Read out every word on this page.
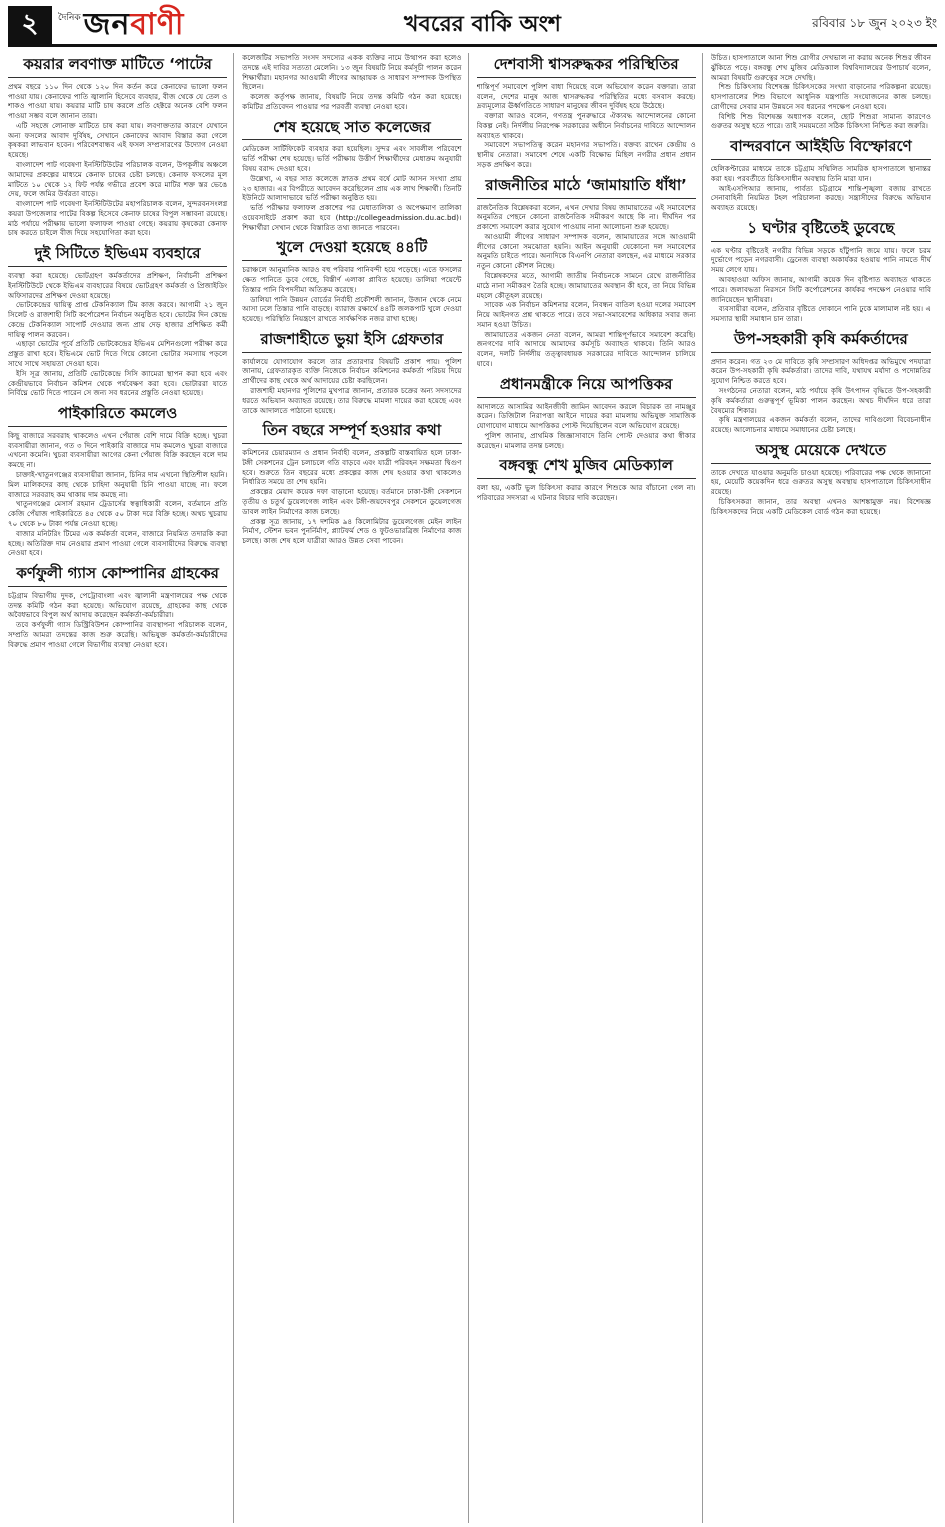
২	দৈনিক জনবাণী	খবরের বাকি অংশ	রবিবার ১৮ জুন ২০২৩ ইং
কয়রার লবণাক্ত মাটিতে ‘পাটের

প্রথম বছরে ১১০ দিন থেকে ১২০ দিন কর্তন করে কেনাফের ভালো ফলন পাওয়া যায়। কেনাফের পাতি জ্বালানি হিসেবে ব্যবহার, বীজ থেকে যে তেল ও শাকও পাওয়া যায়। কয়রার মাটি চাষ করলে প্রতি হেক্টরে অনেক বেশি ফলন পাওয়া সম্ভব বলে জানান তারা।

এটি সহজে লোনাক্ত মাটিতে চাষ করা যায়। লবণাক্ততার কারণে যেখানে অন্য ফসলের আবাদ দুর্বিষহ, সেখানে কেনাফের আবাদ বিস্তার করা গেলে কৃষকরা লাভবান হবেন। পরিবেশবান্ধব এই ফসল সম্প্রসারণের উদ্যোগ নেওয়া হয়েছে।

বাংলাদেশ পাট গবেষণা ইনস্টিটিউটের পরিচালক বলেন, উপকূলীয় অঞ্চলে আমাদের প্রকল্পের মাধ্যমে কেনাফ চাষের চেষ্টা চলছে। কেনাফ ফসলের মূল মাটিতে ১০ থেকে ১২ ফিট পর্যন্ত গভীরে প্রবেশ করে মাটির শক্ত স্তর ভেঙে দেয়, ফলে জমির উর্বরতা বাড়ে।

বাংলাদেশ পাট গবেষণা ইনস্টিটিউটের মহাপরিচালক বলেন, সুন্দরবনসংলগ্ন কয়রা উপজেলার পাটের বিকল্প হিসেবে কেনাফ চাষের বিপুল সম্ভাবনা রয়েছে। মাঠ পর্যায়ে পরীক্ষায় ভালো ফলাফল পাওয়া গেছে। কয়রায় কৃষকেরা কেনাফ চাষ করতে চাইলে বীজ দিয়ে সহযোগিতা করা হবে।

দুই সিটিতে ইভিএম ব্যবহারে

ব্যবস্থা করা হয়েছে। ভোটগ্রহণ কর্মকর্তাদের প্রশিক্ষণ, নির্বাচনী প্রশিক্ষণ ইনস্টিটিউটে থেকে ইভিএম ব্যবহারের বিষয়ে ভোটগ্রহণ কর্মকর্তা ও প্রিজাইডিং অফিসারদের প্রশিক্ষণ দেওয়া হয়েছে।

ভোটকেন্দ্রের দ্বায়িত্ব প্রাপ্ত টেকনিক্যাল টিম কাজ করবে। আগামী ২১ জুন সিলেট ও রাজশাহী সিটি কর্পোরেশন নির্বাচন অনুষ্ঠিত হবে। ভোটের দিন কেন্দ্রে কেন্দ্রে টেকনিক্যাল সাপোর্ট দেওয়ার জন্য প্রায় দেড় হাজার প্রশিক্ষিত কর্মী দায়িত্ব পালন করবেন।

এছাড়া ভোটের পূর্বে প্রতিটি ভোটকেন্দ্রের ইভিএম মেশিনগুলো পরীক্ষা করে প্রস্তুত রাখা হবে। ইভিএমে ভোট দিতে গিয়ে কোনো ভোটার সমস্যায় পড়লে সাথে সাথে সহায়তা দেওয়া হবে।

ইসি সূত্র জানায়, প্রতিটি ভোটকেন্দ্রে সিসি ক্যামেরা স্থাপন করা হবে এবং কেন্দ্রীয়ভাবে নির্বাচন কমিশন থেকে পর্যবেক্ষণ করা হবে। ভোটাররা যাতে নির্বিঘ্নে ভোট দিতে পারেন সে জন্য সব ধরনের প্রস্তুতি নেওয়া হয়েছে।

পাইকারিতে কমলেও

কিছু বাজারে সরবরাহ থাকলেও এখন পেঁয়াজ বেশি দামে বিক্রি হচ্ছে। খুচরা ব্যবসায়ীরা জানান, গত ৩ দিনে পাইকারি বাজারে দাম কমলেও খুচরা বাজারে এখনো কমেনি। খুচরা ব্যবসায়ীরা আগের কেনা পেঁয়াজ বিক্রি করছেন বলে দাম কমছে না।

চাক্তাই-খাতুনগঞ্জের ব্যবসায়ীরা জানান, চিনির দাম এখনো স্থিতিশীল হয়নি। মিল মালিকদের কাছ থেকে চাহিদা অনুযায়ী চিনি পাওয়া যাচ্ছে না। ফলে বাজারে সরবরাহ কম থাকায় দাম কমছে না।

খাতুনগঞ্জের মেসার্স রহমান ট্রেডার্সের স্বত্বাধিকারী বলেন, বর্তমানে প্রতি কেজি পেঁয়াজ পাইকারিতে ৪৫ থেকে ৫০ টাকা দরে বিক্রি হচ্ছে। অথচ খুচরায় ৭০ থেকে ৮০ টাকা পর্যন্ত নেওয়া হচ্ছে।

বাজার মনিটরিং টিমের এক কর্মকর্তা বলেন, বাজারে নিয়মিত তদারকি করা হচ্ছে। অতিরিক্ত দাম নেওয়ার প্রমাণ পাওয়া গেলে ব্যবসায়ীদের বিরুদ্ধে ব্যবস্থা নেওয়া হবে।

কর্ণফুলী গ্যাস কোম্পানির গ্রাহকের

চট্টগ্রাম বিভাগীয় দুদক, পেট্রোবাংলা এবং জ্বালানী মন্ত্রণালয়ের পক্ষ থেকে তদন্ত কমিটি গঠন করা হয়েছে। অভিযোগ রয়েছে, গ্রাহকের কাছ থেকে অবৈধভাবে বিপুল অর্থ আদায় করেছেন কর্মকর্তা-কর্মচারীরা।

তবে কর্ণফুলী গ্যাস ডিস্ট্রিবিউশন কোম্পানির ব্যবস্থাপনা পরিচালক বলেন, সম্প্রতি আমরা তদন্তের কাজ শুরু করেছি। অভিযুক্ত কর্মকর্তা-কর্মচারীদের বিরুদ্ধে প্রমাণ পাওয়া গেলে বিভাগীয় ব্যবস্থা নেওয়া হবে।

কলেজটির সভাপতি সংসদ সদস্যের একক ব্যক্তির নামে উত্থাপন করা হলেও তদন্তে এই দাবির সত্যতা মেলেনি। ১৩ জুন বিষয়টি নিয়ে কর্মসূচী পালন করেন শিক্ষার্থীরা। মহানগর আওয়ামী লীগের আহ্বায়ক ও সাধারণ সম্পাদক উপস্থিত ছিলেন।

কলেজ কর্তৃপক্ষ জানায়, বিষয়টি নিয়ে তদন্ত কমিটি গঠন করা হয়েছে। কমিটির প্রতিবেদন পাওয়ার পর পরবর্তী ব্যবস্থা নেওয়া হবে।

শেষ হয়েছে সাত কলেজের

মেডিকেল সার্টিফিকেট ব্যবহার করা হয়েছিল। সুন্দর এবং সাবলীল পরিবেশে ভর্তি পরীক্ষা শেষ হয়েছে। ভর্তি পরীক্ষায় উত্তীর্ণ শিক্ষার্থীদের মেধাক্রম অনুযায়ী বিষয় বরাদ্দ দেওয়া হবে।

উল্লেখ্য, এ বছর সাত কলেজে স্নাতক প্রথম বর্ষে মোট আসন সংখ্যা প্রায় ২৩ হাজার। এর বিপরীতে আবেদন করেছিলেন প্রায় এক লাখ শিক্ষার্থী। তিনটি ইউনিটে আলাদাভাবে ভর্তি পরীক্ষা অনুষ্ঠিত হয়।

ভর্তি পরীক্ষার ফলাফল প্রকাশের পর মেধাতালিকা ও অপেক্ষমাণ তালিকা ওয়েবসাইটে প্রকাশ করা হবে (http://collegeadmission.du.ac.bd)। শিক্ষার্থীরা সেখান থেকে বিস্তারিত তথ্য জানতে পারবেন।

খুলে দেওয়া হয়েছে ৪৪টি

চরাঞ্চলে আনুমানিক আরও বহু পরিবার পানিবন্দী হয়ে পড়েছে। এতে ফসলের ক্ষেত পানিতে ডুবে গেছে, বিস্তীর্ণ এলাকা প্লাবিত হয়েছে। ডালিয়া পয়েন্টে তিস্তার পানি বিপদসীমা অতিক্রম করেছে।

ডালিয়া পানি উন্নয়ন বোর্ডের নির্বাহী প্রকৌশলী জানান, উজান থেকে নেমে আসা ঢলে তিস্তার পানি বাড়ছে। ব্যারাজ রক্ষার্থে ৪৪টি জলকপাট খুলে দেওয়া হয়েছে। পরিস্থিতি নিয়ন্ত্রণে রাখতে সার্বক্ষণিক নজর রাখা হচ্ছে।

রাজশাহীতে ভুয়া ইসি গ্রেফতার

কার্যালয়ে যোগাযোগ করলে তার প্রতারণার বিষয়টি প্রকাশ পায়। পুলিশ জানায়, গ্রেফতারকৃত ব্যক্তি নিজেকে নির্বাচন কমিশনের কর্মকর্তা পরিচয় দিয়ে প্রার্থীদের কাছ থেকে অর্থ আদায়ের চেষ্টা করছিলেন।

রাজশাহী মহানগর পুলিশের মুখপাত্র জানান, প্রতারক চক্রের অন্য সদস্যদের ধরতে অভিযান অব্যাহত রয়েছে। তার বিরুদ্ধে মামলা দায়ের করা হয়েছে এবং তাকে আদালতে পাঠানো হয়েছে।

তিন বছরে সম্পূর্ণ হওয়ার কথা

কমিশনের চেয়ারম্যান ও প্রধান নির্বাহী বলেন, প্রকল্পটি বাস্তবায়িত হলে ঢাকা-টঙ্গী সেকশনের ট্রেন চলাচলে গতি বাড়বে এবং যাত্রী পরিবহন সক্ষমতা দ্বিগুণ হবে। শুরুতে তিন বছরের মধ্যে প্রকল্পের কাজ শেষ হওয়ার কথা থাকলেও নির্ধারিত সময়ে তা শেষ হয়নি।

প্রকল্পের মেয়াদ কয়েক দফা বাড়ানো হয়েছে। বর্তমানে ঢাকা-টঙ্গী সেকশনে তৃতীয় ও চতুর্থ ডুয়েলগেজ লাইন এবং টঙ্গী-জয়দেবপুর সেকশনে ডুয়েলগেজ ডাবল লাইন নির্মাণের কাজ চলছে।

প্রকল্প সূত্র জানায়, ১৭ দশমিক ৯৪ কিলোমিটার ডুয়েলগেজ মেইন লাইন নির্মাণ, স্টেশন ভবন পুনর্নির্মাণ, প্ল্যাটফর্ম শেড ও ফুটওভারব্রিজ নির্মাণের কাজ চলছে। কাজ শেষ হলে যাত্রীরা আরও উন্নত সেবা পাবেন।

দেশবাসী শ্বাসরুদ্ধকর পরিস্থিতির

শান্তিপূর্ণ সমাবেশে পুলিশ বাধা দিয়েছে বলে অভিযোগ করেন বক্তারা। তারা বলেন, দেশের মানুষ আজ শ্বাসরুদ্ধকর পরিস্থিতির মধ্যে বসবাস করছে। দ্রব্যমূল্যের ঊর্ধ্বগতিতে সাধারণ মানুষের জীবন দুর্বিষহ হয়ে উঠেছে।

বক্তারা আরও বলেন, গণতন্ত্র পুনরুদ্ধারে ঐক্যবদ্ধ আন্দোলনের কোনো বিকল্প নেই। নির্দলীয় নিরপেক্ষ সরকারের অধীনে নির্বাচনের দাবিতে আন্দোলন অব্যাহত থাকবে।

সমাবেশে সভাপতিত্ব করেন মহানগর সভাপতি। বক্তব্য রাখেন কেন্দ্রীয় ও স্থানীয় নেতারা। সমাবেশ শেষে একটি বিক্ষোভ মিছিল নগরীর প্রধান প্রধান সড়ক প্রদক্ষিণ করে।

রাজনীতির মাঠে ‘জামায়াতি ধাঁধা’

রাজনৈতিক বিশ্লেষকরা বলেন, এখন দেখার বিষয় জামায়াতের এই সমাবেশের অনুমতির পেছনে কোনো রাজনৈতিক সমীকরণ আছে কি না। দীর্ঘদিন পর প্রকাশ্যে সমাবেশ করার সুযোগ পাওয়ায় নানা আলোচনা শুরু হয়েছে।

আওয়ামী লীগের সাধারণ সম্পাদক বলেন, জামায়াতের সঙ্গে আওয়ামী লীগের কোনো সমঝোতা হয়নি। আইন অনুযায়ী যেকোনো দল সমাবেশের অনুমতি চাইতে পারে। অন্যদিকে বিএনপি নেতারা বলছেন, এর মাধ্যমে সরকার নতুন কোনো কৌশল নিচ্ছে।

বিশ্লেষকদের মতে, আগামী জাতীয় নির্বাচনকে সামনে রেখে রাজনীতির মাঠে নানা সমীকরণ তৈরি হচ্ছে। জামায়াতের অবস্থান কী হবে, তা নিয়ে বিভিন্ন মহলে কৌতূহল রয়েছে।

সাবেক এক নির্বাচন কমিশনার বলেন, নিবন্ধন বাতিল হওয়া দলের সমাবেশ নিয়ে আইনগত প্রশ্ন থাকতে পারে। তবে সভা-সমাবেশের অধিকার সবার জন্য সমান হওয়া উচিত।

জামায়াতের একজন নেতা বলেন, আমরা শান্তিপূর্ণভাবে সমাবেশ করেছি। জনগণের দাবি আদায়ে আমাদের কর্মসূচি অব্যাহত থাকবে। তিনি আরও বলেন, দলটি নির্দলীয় তত্ত্বাবধায়ক সরকারের দাবিতে আন্দোলন চালিয়ে যাবে।

প্রধানমন্ত্রীকে নিয়ে আপত্তিকর

আদালতে আসামির আইনজীবী জামিন আবেদন করলে বিচারক তা নামঞ্জুর করেন। ডিজিটাল নিরাপত্তা আইনে দায়ের করা মামলায় অভিযুক্ত সামাজিক যোগাযোগ মাধ্যমে আপত্তিকর পোস্ট দিয়েছিলেন বলে অভিযোগ রয়েছে।

পুলিশ জানায়, প্রাথমিক জিজ্ঞাসাবাদে তিনি পোস্ট দেওয়ার কথা স্বীকার করেছেন। মামলার তদন্ত চলছে।

বঙ্গবন্ধু শেখ মুজিব মেডিক্যাল

বলা হয়, একটি ভুল চিকিৎসা করার কারণে শিশুকে আর বাঁচানো গেল না। পরিবারের সদস্যরা এ ঘটনার বিচার দাবি করেছেন।

উচিত। হাসপাতালে আনা শিশু রোগীর দেখভাল না করায় অনেক শিশুর জীবন ঝুঁকিতে পড়ে। বঙ্গবন্ধু শেখ মুজিব মেডিক্যাল বিশ্ববিদ্যালয়ের উপাচার্য বলেন, আমরা বিষয়টি গুরুত্বের সঙ্গে দেখছি।

শিশু চিকিৎসায় বিশেষজ্ঞ চিকিৎসকের সংখ্যা বাড়ানোর পরিকল্পনা রয়েছে। হাসপাতালের শিশু বিভাগে আধুনিক যন্ত্রপাতি সংযোজনের কাজ চলছে। রোগীদের সেবার মান উন্নয়নে সব ধরনের পদক্ষেপ নেওয়া হবে।

বিশিষ্ট শিশু বিশেষজ্ঞ অধ্যাপক বলেন, ছোট শিশুরা সামান্য কারণেও গুরুতর অসুস্থ হতে পারে। তাই সময়মতো সঠিক চিকিৎসা নিশ্চিত করা জরুরি।

বান্দরবানে আইইডি বিস্ফোরণে

হেলিকপ্টারের মাধ্যমে তাকে চট্টগ্রাম সম্মিলিত সামরিক হাসপাতালে স্থানান্তর করা হয়। পরবর্তীতে চিকিৎসাধীন অবস্থায় তিনি মারা যান।

আইএসপিআর জানায়, পার্বত্য চট্টগ্রামে শান্তি-শৃঙ্খলা বজায় রাখতে সেনাবাহিনী নিয়মিত টহল পরিচালনা করছে। সন্ত্রাসীদের বিরুদ্ধে অভিযান অব্যাহত রয়েছে।

১ ঘণ্টার বৃষ্টিতেই ডুবেছে

এক ঘণ্টার বৃষ্টিতেই নগরীর বিভিন্ন সড়কে হাঁটুপানি জমে যায়। ফলে চরম দুর্ভোগে পড়েন নগরবাসী। ড্রেনেজ ব্যবস্থা অকার্যকর হওয়ায় পানি নামতে দীর্ঘ সময় লেগে যায়।

আবহাওয়া অফিস জানায়, আগামী কয়েক দিন বৃষ্টিপাত অব্যাহত থাকতে পারে। জলাবদ্ধতা নিরসনে সিটি কর্পোরেশনের কার্যকর পদক্ষেপ নেওয়ার দাবি জানিয়েছেন স্থানীয়রা।

ব্যবসায়ীরা বলেন, প্রতিবার বৃষ্টিতে দোকানে পানি ঢুকে মালামাল নষ্ট হয়। এ সমস্যার স্থায়ী সমাধান চান তারা।

উপ-সহকারী কৃষি কর্মকর্তাদের

প্রদান করেন। গত ২৩ মে দাবিতে কৃষি সম্প্রসারণ অধিদপ্তর অভিমুখে পদযাত্রা করেন উপ-সহকারী কৃষি কর্মকর্তারা। তাদের দাবি, যথাযথ মর্যাদা ও পদোন্নতির সুযোগ নিশ্চিত করতে হবে।

সংগঠনের নেতারা বলেন, মাঠ পর্যায়ে কৃষি উৎপাদন বৃদ্ধিতে উপ-সহকারী কৃষি কর্মকর্তারা গুরুত্বপূর্ণ ভূমিকা পালন করছেন। অথচ দীর্ঘদিন ধরে তারা বৈষম্যের শিকার।

কৃষি মন্ত্রণালয়ের একজন কর্মকর্তা বলেন, তাদের দাবিগুলো বিবেচনাধীন রয়েছে। আলোচনার মাধ্যমে সমাধানের চেষ্টা চলছে।

অসুস্থ মেয়েকে দেখতে

তাকে দেখতে যাওয়ার অনুমতি চাওয়া হয়েছে। পরিবারের পক্ষ থেকে জানানো হয়, মেয়েটি কয়েকদিন ধরে গুরুতর অসুস্থ অবস্থায় হাসপাতালে চিকিৎসাধীন রয়েছে।

চিকিৎসকরা জানান, তার অবস্থা এখনও আশঙ্কামুক্ত নয়। বিশেষজ্ঞ চিকিৎসকদের নিয়ে একটি মেডিকেল বোর্ড গঠন করা হয়েছে।
